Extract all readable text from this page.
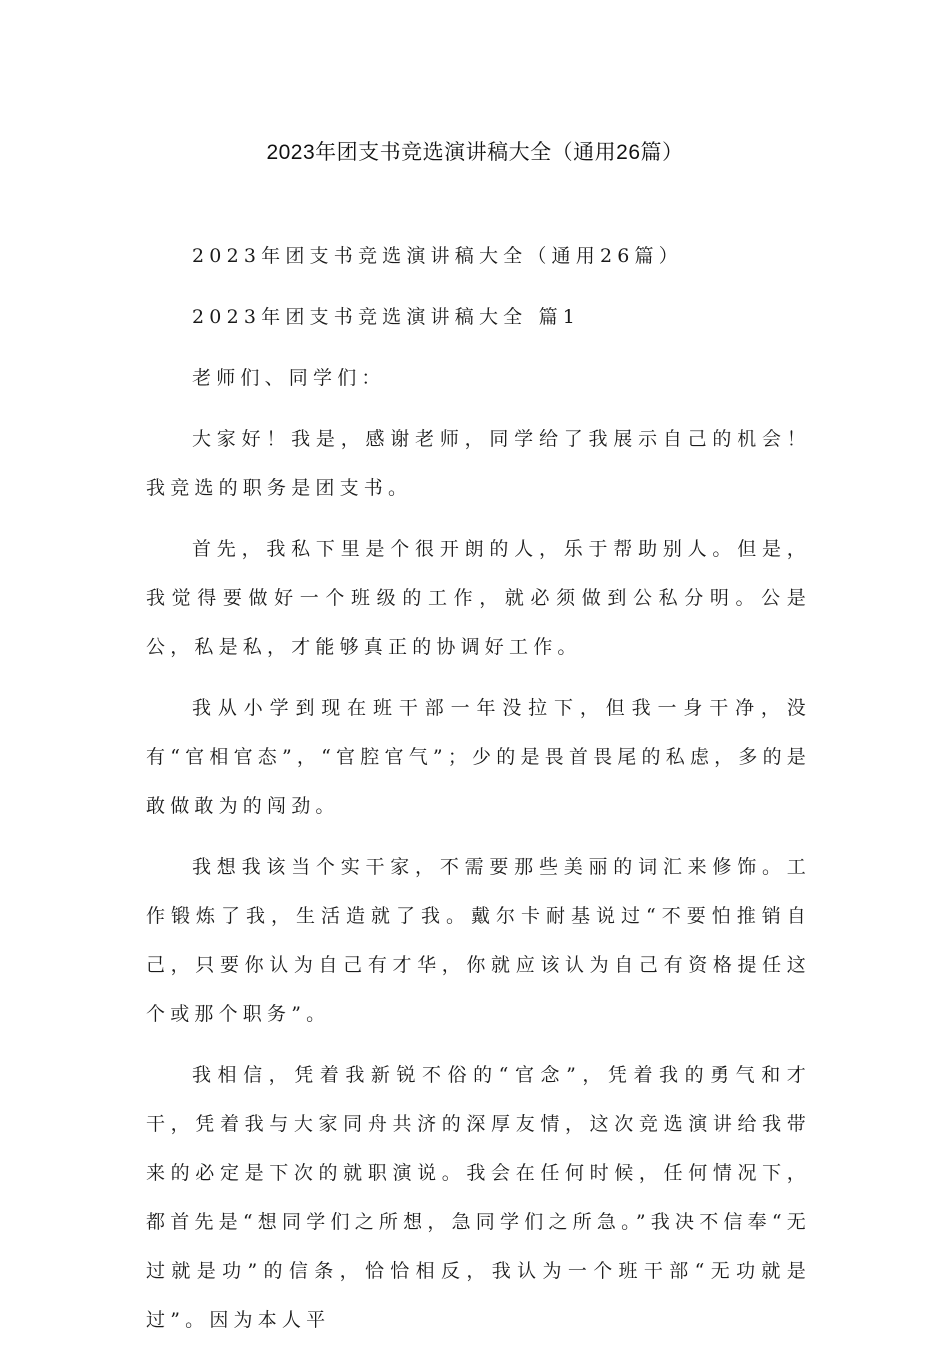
2023年团支书竞选演讲稿大全（通用26篇）

2023年团支书竞选演讲稿大全（通用26篇）

2023年团支书竞选演讲稿大全 篇1

老师们、同学们：

大家好！我是，感谢老师，同学给了我展示自己的机会！我竞选的职务是团支书。

首先，我私下里是个很开朗的人，乐于帮助别人。但是，我觉得要做好一个班级的工作，就必须做到公私分明。公是公，私是私，才能够真正的协调好工作。

我从小学到现在班干部一年没拉下，但我一身干净，没有“官相官态”，“官腔官气”；少的是畏首畏尾的私虑，多的是敢做敢为的闯劲。

我想我该当个实干家，不需要那些美丽的词汇来修饰。工作锻炼了我，生活造就了我。戴尔卡耐基说过“不要怕推销自己，只要你认为自己有才华，你就应该认为自己有资格提任这个或那个职务”。

我相信，凭着我新锐不俗的“官念”，凭着我的勇气和才干，凭着我与大家同舟共济的深厚友情，这次竞选演讲给我带来的必定是下次的就职演说。我会在任何时候，任何情况下，都首先是“想同学们之所想，急同学们之所急。”我决不信奉“无过就是功”的信条，恰恰相反，我认为一个班干部“无功就是过”。因为本人平
